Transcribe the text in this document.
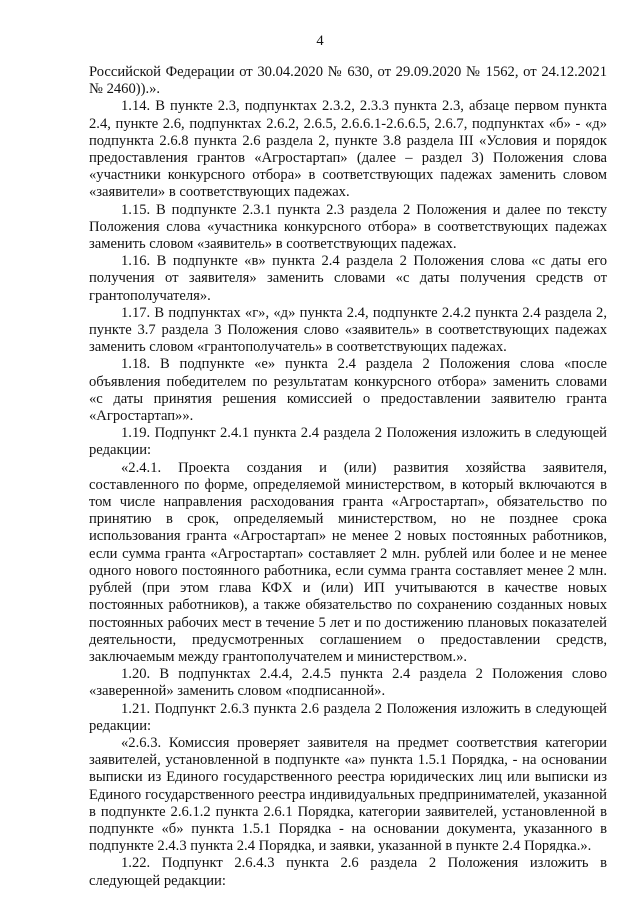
4

Российской Федерации от 30.04.2020 № 630, от 29.09.2020 № 1562, от 24.12.2021 № 2460)).».

1.14. В пункте 2.3, подпунктах 2.3.2, 2.3.3 пункта 2.3, абзаце первом пункта 2.4, пункте 2.6, подпунктах 2.6.2, 2.6.5, 2.6.6.1-2.6.6.5, 2.6.7, подпунктах «б» - «д» подпункта 2.6.8 пункта 2.6 раздела 2, пункте 3.8 раздела III «Условия и порядок предоставления грантов «Агростартап» (далее – раздел 3) Положения слова «участники конкурсного отбора» в соответствующих падежах заменить словом «заявители» в соответствующих падежах.

1.15. В подпункте 2.3.1 пункта 2.3 раздела 2 Положения и далее по тексту Положения слова «участника конкурсного отбора» в соответствующих падежах заменить словом «заявитель» в соответствующих падежах.

1.16. В подпункте «в» пункта 2.4 раздела 2 Положения слова «с даты его получения от заявителя» заменить словами «с даты получения средств от грантополучателя».

1.17. В подпунктах «г», «д» пункта 2.4, подпункте 2.4.2 пункта 2.4 раздела 2, пункте 3.7 раздела 3 Положения слово «заявитель» в соответствующих падежах заменить словом «грантополучатель» в соответствующих падежах.

1.18. В подпункте «е» пункта 2.4 раздела 2 Положения слова «после объявления победителем по результатам конкурсного отбора» заменить словами «с даты принятия решения комиссией о предоставлении заявителю гранта «Агростартап»».

1.19. Подпункт 2.4.1 пункта 2.4 раздела 2 Положения изложить в следующей редакции:

«2.4.1. Проекта создания и (или) развития хозяйства заявителя, составленного по форме, определяемой министерством, в который включаются в том числе направления расходования гранта «Агростартап», обязательство по принятию в срок, определяемый министерством, но не позднее срока использования гранта «Агростартап» не менее 2 новых постоянных работников, если сумма гранта «Агростартап» составляет 2 млн. рублей или более и не менее одного нового постоянного работника, если сумма гранта составляет менее 2 млн. рублей (при этом глава КФХ и (или) ИП учитываются в качестве новых постоянных работников), а также обязательство по сохранению созданных новых постоянных рабочих мест в течение 5 лет и по достижению плановых показателей деятельности, предусмотренных соглашением о предоставлении средств, заключаемым между грантополучателем и министерством.».

1.20. В подпунктах 2.4.4, 2.4.5 пункта 2.4 раздела 2 Положения слово «заверенной» заменить словом «подписанной».

1.21. Подпункт 2.6.3 пункта 2.6 раздела 2 Положения изложить в следующей редакции:

«2.6.3. Комиссия проверяет заявителя на предмет соответствия категории заявителей, установленной в подпункте «а» пункта 1.5.1 Порядка, - на основании выписки из Единого государственного реестра юридических лиц или выписки из Единого государственного реестра индивидуальных предпринимателей, указанной в подпункте 2.6.1.2 пункта 2.6.1 Порядка, категории заявителей, установленной в подпункте «б» пункта 1.5.1 Порядка - на основании документа, указанного в подпункте 2.4.3 пункта 2.4 Порядка, и заявки, указанной в пункте 2.4 Порядка.».

1.22. Подпункт 2.6.4.3 пункта 2.6 раздела 2 Положения изложить в следующей редакции:
